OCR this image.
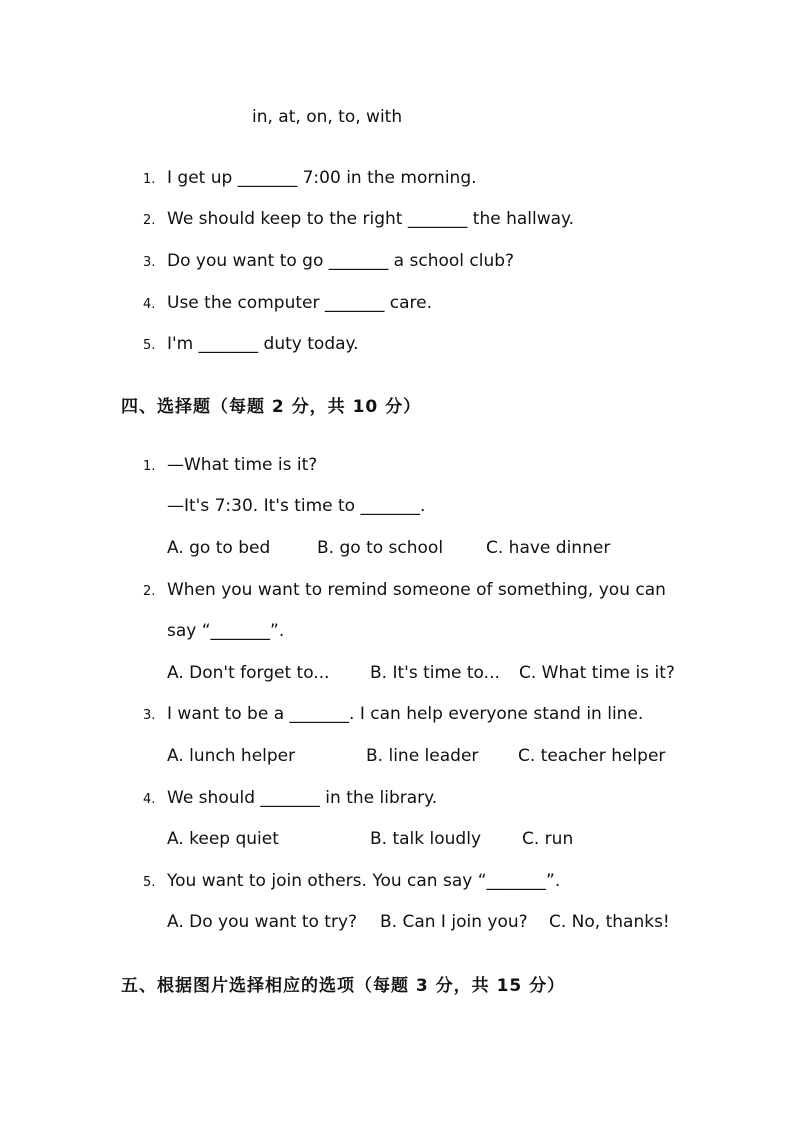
in, at, on, to, with
1. I get up _______ 7:00 in the morning.
2. We should keep to the right _______ the hallway.
3. Do you want to go _______ a school club?
4. Use the computer _______ care.
5. I'm _______ duty today.
四、选择题（每题 2 分，共 10 分）
1. —What time is it?
—It's 7:30. It's time to _______.
A. go to bed	B. go to school	C. have dinner
2. When you want to remind someone of something, you can
say “_______”.
A. Don't forget to... B. It's time to... C. What time is it?
3. I want to be a _______. I can help everyone stand in line.
A. lunch helper	B. line leader C. teacher helper
4. We should _______ in the library.
A. keep quiet	B. talk loudly C. run
5. You want to join others. You can say “_______”.
A. Do you want to try? B. Can I join you? C. No, thanks!
五、根据图片选择相应的选项（每题 3 分，共 15 分）
